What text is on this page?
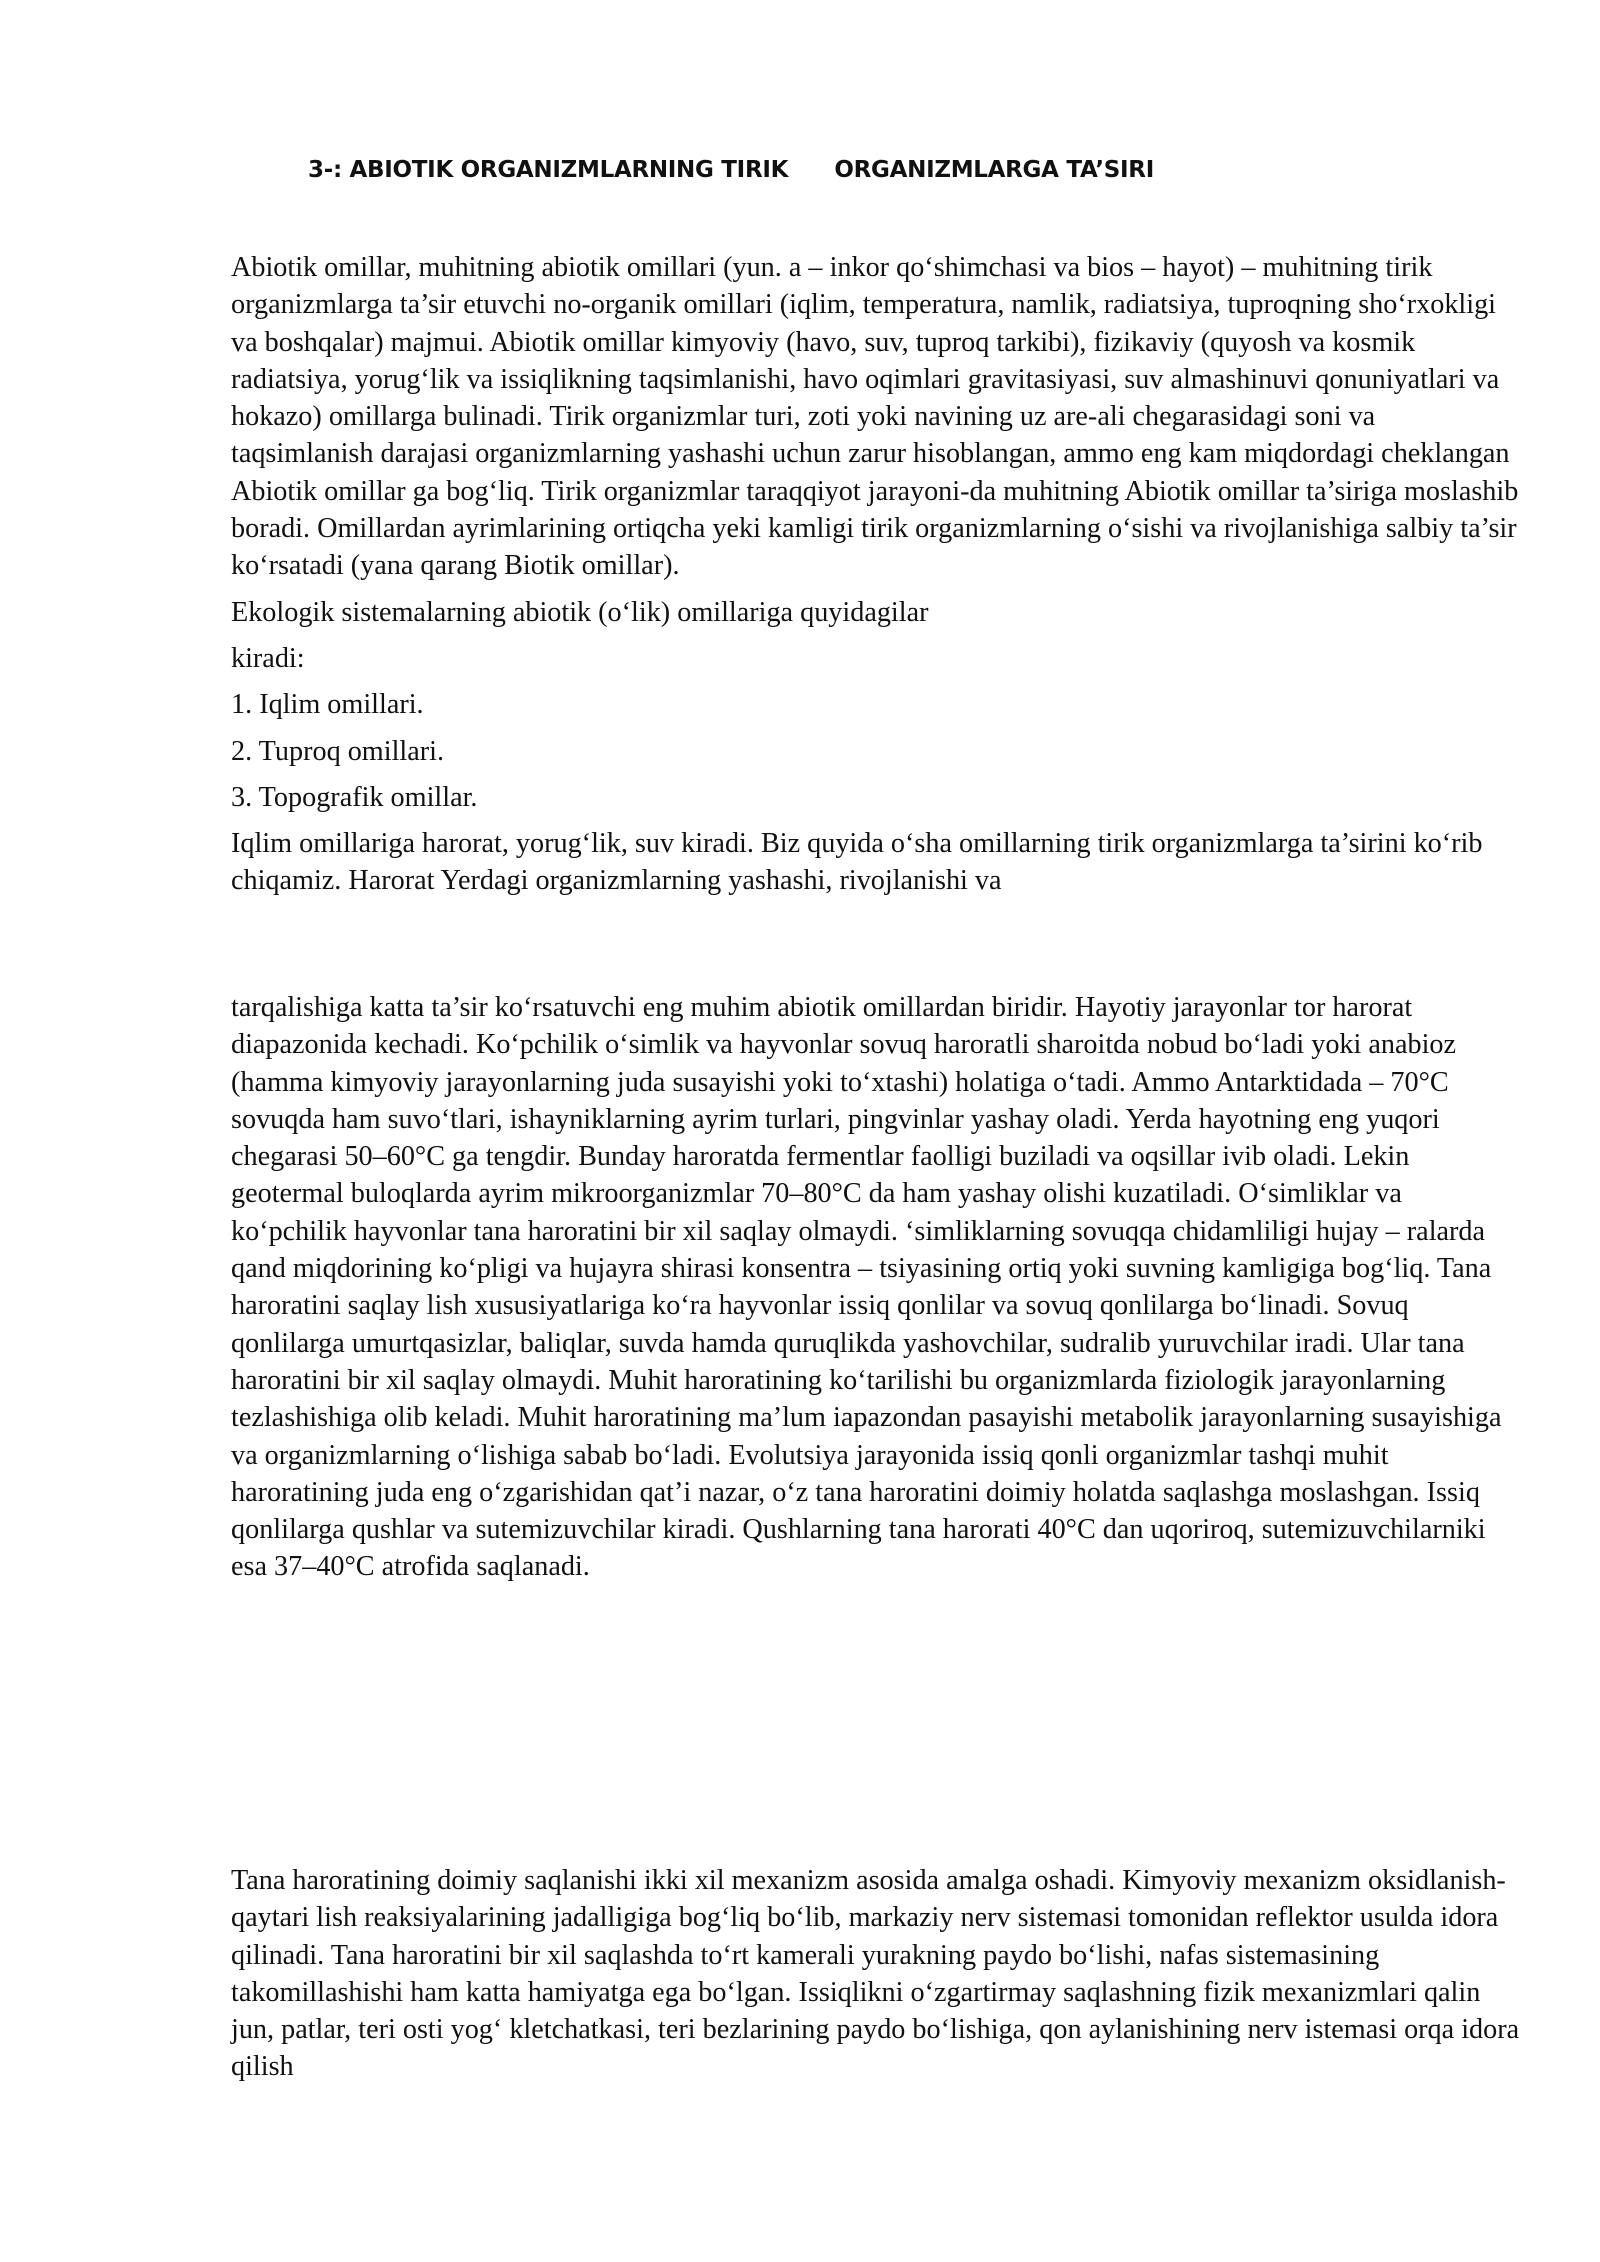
3-: ABIOTIK ORGANIZMLARNING TIRIK      ORGANIZMLARGA TA’SIRI

Abiotik omillar, muhitning abiotik omillari (yun. a – inkor qo‘shimchasi va bios – hayot) – muhitning tirik organizmlarga ta’sir etuvchi no-organik omillari (iqlim, temperatura, namlik, radiatsiya, tuproqning sho‘rxokligi va boshqalar) majmui. Abiotik omillar kimyoviy (havo, suv, tuproq tarkibi), fizikaviy (quyosh va kosmik radiatsiya, yorug‘lik va issiqlikning taqsimlanishi, havo oqimlari gravitasiyasi, suv almashinuvi qonuniyatlari va hokazo) omillarga bulinadi. Tirik organizmlar turi, zoti yoki navining uz are-ali chegarasidagi soni va taqsimlanish darajasi organizmlarning yashashi uchun zarur hisoblangan, ammo eng kam miqdordagi cheklangan Abiotik omillar ga bog‘liq. Tirik organizmlar taraqqiyot jarayoni-da muhitning Abiotik omillar ta’siriga moslashib boradi. Omillardan ayrimlarining ortiqcha yeki kamligi tirik organizmlarning o‘sishi va rivojlanishiga salbiy ta’sir ko‘rsatadi (yana qarang Biotik omillar).

Ekologik sistemalarning abiotik (o‘lik) omillariga quyidagilar

kiradi:

1. Iqlim omillari.

2. Tuproq omillari.

3. Topografik omillar.

Iqlim omillariga harorat, yorug‘lik, suv kiradi. Biz quyida o‘sha omillarning tirik organizmlarga ta’sirini ko‘rib chiqamiz. Harorat Yerdagi organizmlarning yashashi, rivojlanishi va

tarqalishiga katta ta’sir ko‘rsatuvchi eng muhim abiotik omillardan biridir. Hayotiy jarayonlar tor harorat diapazonida kechadi. Ko‘pchilik o‘simlik va hayvonlar sovuq haroratli sharoitda nobud bo‘ladi yoki anabioz (hamma kimyoviy jarayonlarning juda susayishi yoki to‘xtashi) holatiga o‘tadi. Ammo Antarktidada – 70°C sovuqda ham suvo‘tlari, ishayniklarning ayrim turlari, pingvinlar yashay oladi. Yerda hayotning eng yuqori chegarasi 50–60°C ga tengdir. Bunday haroratda fermentlar faolligi buziladi va oqsillar ivib oladi. Lekin geotermal buloqlarda ayrim mikroorganizmlar 70–80°C da ham yashay olishi kuzatiladi. O‘simliklar va ko‘pchilik hayvonlar tana haroratini bir xil saqlay olmaydi. ‘simliklarning sovuqqa chidamliligi hujay – ralarda qand miqdorining ko‘pligi va hujayra shirasi konsentra – tsiyasining ortiq yoki suvning kamligiga bog‘liq. Tana haroratini saqlay lish xususiyatlariga ko‘ra hayvonlar issiq qonlilar va sovuq qonlilarga bo‘linadi. Sovuq qonlilarga umurtqasizlar, baliqlar, suvda hamda quruqlikda yashovchilar, sudralib yuruvchilar iradi. Ular tana haroratini bir xil saqlay olmaydi. Muhit haroratining ko‘tarilishi bu organizmlarda fiziologik jarayonlarning tezlashishiga olib keladi. Muhit haroratining ma’lum iapazondan pasayishi metabolik jarayonlarning susayishiga va organizmlarning o‘lishiga sabab bo‘ladi. Evolutsiya jarayonida issiq qonli organizmlar tashqi muhit haroratining juda eng o‘zgarishidan qat’i nazar, o‘z tana haroratini doimiy holatda saqlashga moslashgan. Issiq qonlilarga qushlar va sutemizuvchilar kiradi. Qushlarning tana harorati 40°C dan uqoriroq, sutemizuvchilarniki esa 37–40°C atrofida saqlanadi.

Tana haroratining doimiy saqlanishi ikki xil mexanizm asosida amalga oshadi. Kimyoviy mexanizm oksidlanish-qaytari lish reaksiyalarining jadalligiga bog‘liq bo‘lib, markaziy nerv sistemasi tomonidan reflektor usulda idora qilinadi. Tana haroratini bir xil saqlashda to‘rt kamerali yurakning paydo bo‘lishi, nafas sistemasining takomillashishi ham katta hamiyatga ega bo‘lgan. Issiqlikni o‘zgartirmay saqlashning fizik mexanizmlari qalin jun, patlar, teri osti yog‘ kletchatkasi, teri bezlarining paydo bo‘lishiga, qon aylanishining nerv istemasi orqa idora qilish
